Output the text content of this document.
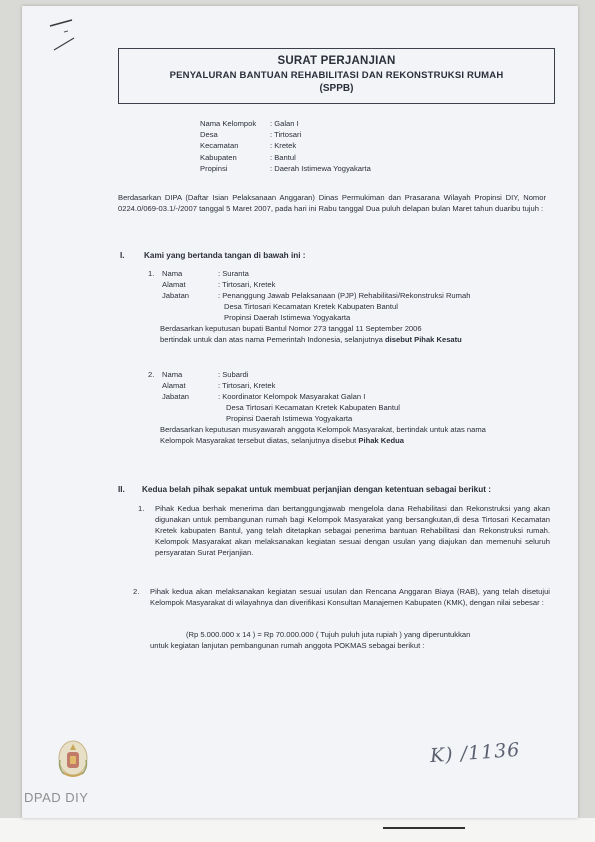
SURAT PERJANJIAN
PENYALURAN BANTUAN REHABILITASI DAN REKONSTRUKSI RUMAH
(SPPB)
Nama Kelompok	: Galan I
Desa	: Tirtosari
Kecamatan	: Kretek
Kabupaten	: Bantul
Propinsi	: Daerah Istimewa Yogyakarta
Berdasarkan DIPA (Daftar Isian Pelaksanaan Anggaran) Dinas Permukiman dan Prasarana Wilayah Propinsi DIY, Nomor 0224.0/069-03.1/-/2007 tanggal 5 Maret 2007, pada hari ini Rabu tanggal Dua puluh delapan bulan Maret tahun duaribu tujuh :
I. Kami yang bertanda tangan di bawah ini :
1.	Nama	: Suranta
Alamat	: Tirtosari, Kretek
Jabatan	: Penanggung Jawab Pelaksanaan (PJP) Rehabilitasi/Rekonstruksi Rumah
Desa Tirtosari Kecamatan Kretek Kabupaten Bantul
Propinsi Daerah Istimewa Yogyakarta
Berdasarkan keputusan bupati Bantul Nomor 273 tanggal 11 September 2006
bertindak untuk dan atas nama Pemerintah Indonesia, selanjutnya disebut Pihak Kesatu
2.	Nama	: Subardi
Alamat	: Tirtosari, Kretek
Jabatan	: Koordinator Kelompok Masyarakat Galan I
Desa Tirtosari Kecamatan Kretek Kabupaten Bantul
Propinsi Daerah Istimewa Yogyakarta
Berdasarkan keputusan musyawarah anggota Kelompok Masyarakat, bertindak untuk atas nama
Kelompok Masyarakat tersebut diatas, selanjutnya disebut Pihak Kedua
II. Kedua belah pihak sepakat untuk membuat perjanjian dengan ketentuan sebagai berikut :
1.	Pihak Kedua berhak menerima dan bertanggungjawab mengelola dana Rehabilitasi dan Rekonstruksi yang akan digunakan untuk pembangunan rumah bagi Kelompok Masyarakat yang bersangkutan,di desa Tirtosari Kecamatan Kretek kabupaten Bantul, yang telah ditetapkan sebagai penerima bantuan Rehabilitasi dan Rekonstruksi rumah. Kelompok Masyarakat akan melaksanakan kegiatan sesuai dengan usulan yang diajukan dan memenuhi seluruh persyaratan Surat Perjanjian.
2.	Pihak kedua akan melaksanakan kegiatan sesuai usulan dan Rencana Anggaran Biaya (RAB), yang telah disetujui Kelompok Masyarakat di wilayahnya dan diverifikasi Konsultan Manajemen Kabupaten (KMK), dengan nilai sebesar :
(Rp 5.000.000 x 14 ) = Rp 70.000.000 ( Tujuh puluh juta rupiah ) yang diperuntukkan
untuk kegiatan lanjutan pembangunan rumah anggota POKMAS sebagai berikut :
K) /1136
DPAD DIY
